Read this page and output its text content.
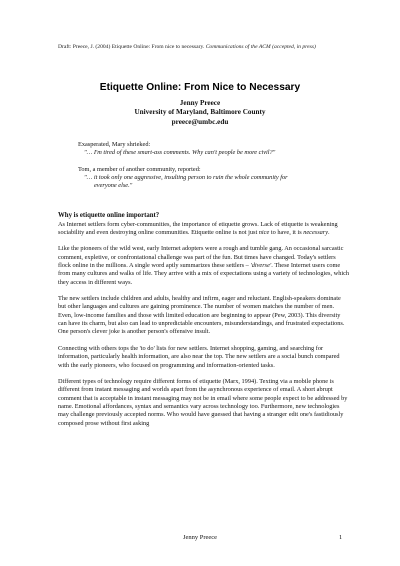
Draft: Preece, J. (2004) Etiquette Online: From nice to necessary. Communications of the ACM (accepted, in press)
Etiquette Online: From Nice to Necessary
Jenny Preece
University of Maryland, Baltimore County
preece@umbc.edu
Exasperated, Mary shrieked:
"… I'm tired of these smart-ass comments. Why can't people be more civil?"
Tom, a member of another community, reported:
"… it took only one aggressive, insulting person to ruin the whole community for
everyone else."
Why is etiquette online important?

As Internet settlers form cyber-communities, the importance of etiquette grows. Lack of etiquette is weakening sociability and even destroying online communities. Etiquette online is not just nice to have, it is necessary.

Like the pioneers of the wild west, early Internet adopters were a rough and tumble gang. An occasional sarcastic comment, expletive, or confrontational challenge was part of the fun. But times have changed. Today's settlers flock online in the millions. A single word aptly summarizes these settlers – 'diverse'. These Internet users come from many cultures and walks of life. They arrive with a mix of expectations using a variety of technologies, which they access in different ways.

The new settlers include children and adults, healthy and infirm, eager and reluctant. English-speakers dominate but other languages and cultures are gaining prominence. The number of women matches the number of men. Even, low-income families and those with limited education are beginning to appear (Pew, 2003). This diversity can have its charm, but also can lead to unpredictable encounters, misunderstandings, and frustrated expectations. One person's clever joke is another person's offensive insult.

Connecting with others tops the 'to do' lists for new settlers. Internet shopping, gaming, and searching for information, particularly health information, are also near the top. The new settlers are a social bunch compared with the early pioneers, who focused on programming and information-oriented tasks.

Different types of technology require different forms of etiquette (Marx, 1994). Texting via a mobile phone is different from instant messaging and worlds apart from the asynchronous experience of email. A short abrupt comment that is acceptable in instant messaging may not be in email where some people expect to be addressed by name. Emotional affordances, syntax and semantics vary across technology too. Furthermore, new technologies may challenge previously accepted norms. Who would have guessed that having a stranger edit one's fastidiously composed prose without first asking

Jenny Preece	1
